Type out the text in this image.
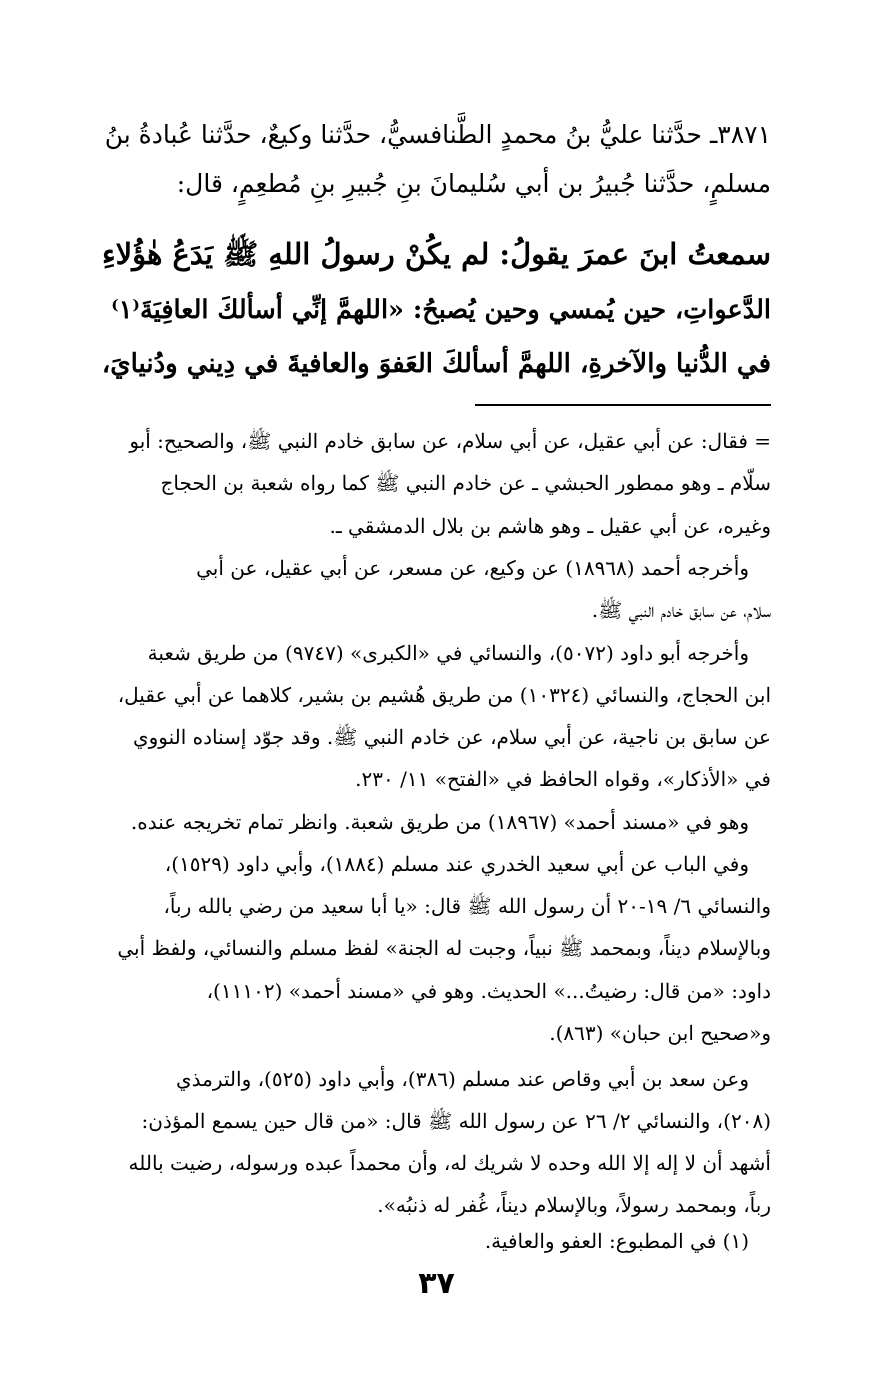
٣٨٧١ـ حدَّثنا عليُّ بنُ محمدٍ الطَّنافسيُّ، حدَّثنا وكيعٌ، حدَّثنا عُبادةُ بنُ
مسلمٍ، حدَّثنا جُبيرُ بن أبي سُليمانَ بنِ جُبيرِ بنِ مُطعِمٍ، قال:
سمعتُ ابنَ عمرَ يقولُ: لم يكُنْ رسولُ اللهِ ﷺ يَدَعُ هٰؤُلاءِ
الدَّعواتِ، حين يُمسي وحين يُصبحُ: «اللهمَّ إنِّي أسألكَ العافِيَةَ⁽١⁾
في الدُّنيا والآخرةِ، اللهمَّ أسألكَ العَفوَ والعافيةَ في دِيني ودُنيايَ،
= فقال: عن أبي عقيل، عن أبي سلام، عن سابق خادم النبي ﷺ، والصحيح: أبو
سلّام ـ وهو ممطور الحبشي ـ عن خادم النبي ﷺ كما رواه شعبة بن الحجاج
وغيره، عن أبي عقيل ـ وهو هاشم بن بلال الدمشقي ـ.
وأخرجه أحمد (١٨٩٦٨) عن وكيع، عن مسعر، عن أبي عقيل، عن أبي
سلام، عن سابق خادم النبي ﷺ.
وأخرجه أبو داود (٥٠٧٢)، والنسائي في «الكبرى» (٩٧٤٧) من طريق شعبة
ابن الحجاج، والنسائي (١٠٣٢٤) من طريق هُشيم بن بشير، كلاهما عن أبي عقيل،
عن سابق بن ناجية، عن أبي سلام، عن خادم النبي ﷺ. وقد جوّد إسناده النووي
في «الأذكار»، وقواه الحافظ في «الفتح» ١١/ ٢٣٠.
وهو في «مسند أحمد» (١٨٩٦٧) من طريق شعبة. وانظر تمام تخريجه عنده.
وفي الباب عن أبي سعيد الخدري عند مسلم (١٨٨٤)، وأبي داود (١٥٢٩)،
والنسائي ٦/ ١٩-٢٠ أن رسول الله ﷺ قال: «يا أبا سعيد من رضي بالله رباً،
وبالإسلام ديناً، وبمحمد ﷺ نبياً، وجبت له الجنة» لفظ مسلم والنسائي، ولفظ أبي
داود: «من قال: رضيتُ...» الحديث. وهو في «مسند أحمد» (١١١٠٢)،
و«صحيح ابن حبان» (٨٦٣).
وعن سعد بن أبي وقاص عند مسلم (٣٨٦)، وأبي داود (٥٢٥)، والترمذي
(٢٠٨)، والنسائي ٢/ ٢٦ عن رسول الله ﷺ قال: «من قال حين يسمع المؤذن:
أشهد أن لا إله إلا الله وحده لا شريك له، وأن محمداً عبده ورسوله، رضيت بالله
رباً، وبمحمد رسولاً، وبالإسلام ديناً، غُفر له ذنبُه».
(١) في المطبوع: العفو والعافية.
٣٧
